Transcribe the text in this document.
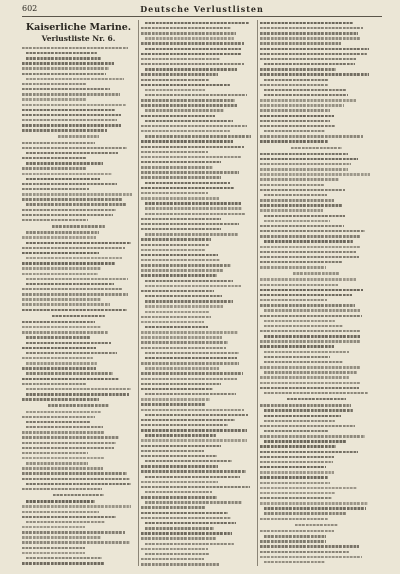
602	Deutsche Verlustlisten
Kaiserliche Marine.
Verlustliste Nr. 6.
